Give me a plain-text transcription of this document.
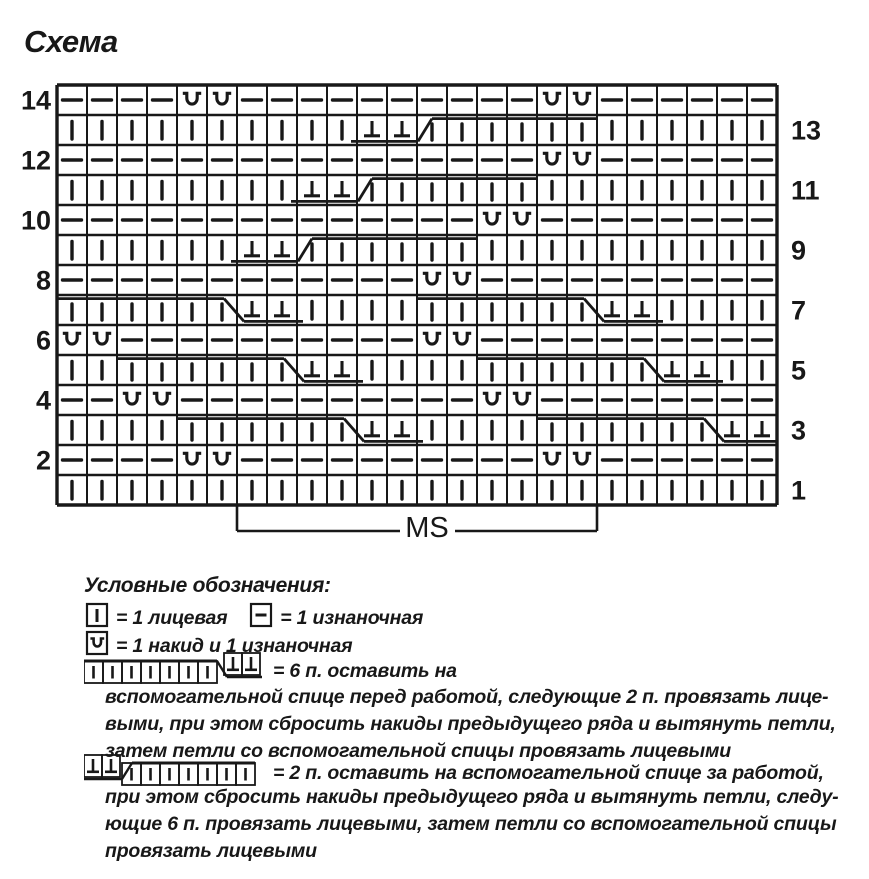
Схема
14
12
10
8
6
4
2
13
11
9
7
5
3
1
MS
Условные обозначения:
= 1 лицевая	= 1 изнаночная
= 1 накид и 1 изнаночная
= 6 п. оставить на
вспомогательной спице перед работой, следующие 2 п. провязать лице-
выми, при этом сбросить накиды предыдущего ряда и вытянуть петли,
затем петли со вспомогательной спицы провязать лицевыми
= 2 п. оставить на вспомогательной спице за работой,
при этом сбросить накиды предыдущего ряда и вытянуть петли, следу-
ющие 6 п. провязать лицевыми, затем петли со вспомогательной спицы
провязать лицевыми
